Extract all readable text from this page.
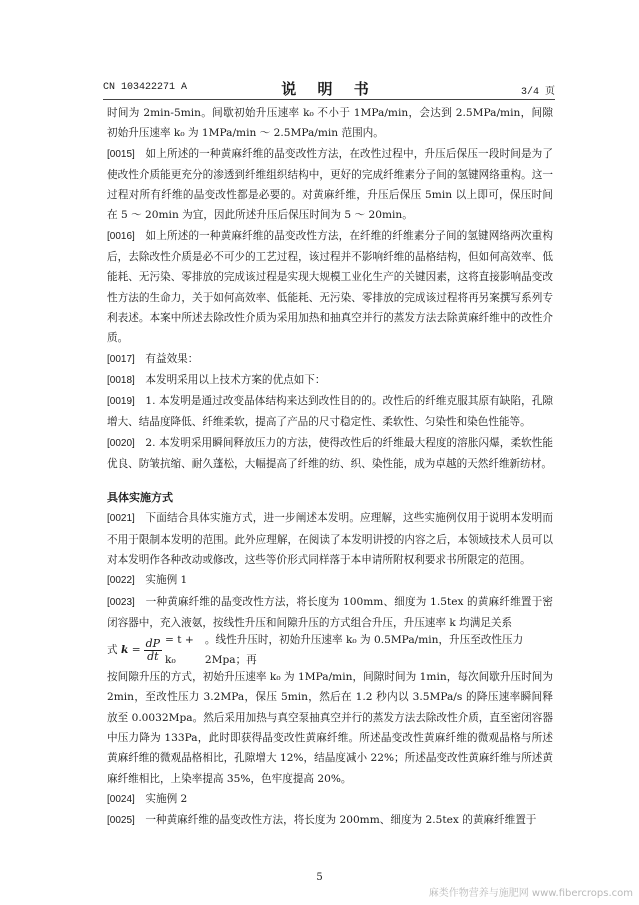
CN 103422271 A	说 明 书	3/4 页

时间为 2min-5min。间歇初始升压速率 k₀ 不小于 1MPa/min，会达到 2.5MPa/min，间隙初始升压速率 k₀ 为 1MPa/min ～ 2.5MPa/min 范围内。

[0015]  如上所述的一种黄麻纤维的晶变改性方法，在改性过程中，升压后保压一段时间是为了使改性介质能更充分的渗透到纤维组织结构中，更好的完成纤维素分子间的氢键网络重构。这一过程对所有纤维的晶变改性都是必要的。对黄麻纤维，升压后保压 5min 以上即可，保压时间在 5 ～ 20min 为宜，因此所述升压后保压时间为 5 ～ 20min。

[0016]  如上所述的一种黄麻纤维的晶变改性方法，在纤维的纤维素分子间的氢键网络两次重构后，去除改性介质是必不可少的工艺过程，该过程并不影响纤维的晶格结构，但如何高效率、低能耗、无污染、零排放的完成该过程是实现大规模工业化生产的关键因素，这将直接影响晶变改性方法的生命力，关于如何高效率、低能耗、无污染、零排放的完成该过程将再另案撰写系列专利表述。本案中所述去除改性介质为采用加热和抽真空并行的蒸发方法去除黄麻纤维中的改性介质。

[0017]  有益效果：

[0018]  本发明采用以上技术方案的优点如下：

[0019]  1. 本发明是通过改变晶体结构来达到改性目的的。改性后的纤维克服其原有缺陷，孔隙增大、结晶度降低、纤维柔软，提高了产品的尺寸稳定性、柔软性、匀染性和染色性能等。

[0020]  2. 本发明采用瞬间释放压力的方法，使得改性后的纤维最大程度的溶胀闪爆，柔软性能优良、防皱抗缩、耐久蓬松，大幅提高了纤维的纺、织、染性能，成为卓越的天然纤维新纺材。

具体实施方式

[0021]  下面结合具体实施方式，进一步阐述本发明。应理解，这些实施例仅用于说明本发明而不用于限制本发明的范围。此外应理解，在阅读了本发明讲授的内容之后，本领域技术人员可以对本发明作各种改动或修改，这些等价形式同样落于本申请所附权利要求书所限定的范围。

[0022]  实施例 1

[0023]  一种黄麻纤维的晶变改性方法，将长度为 100mm、细度为 1.5tex 的黄麻纤维置于密闭容器中，充入液氨，按线性升压和间隙升压的方式组合升压，升压速率 k 均满足关系

式
k
= $\frac{dP}{dt} = t + k_0$
。线性升压时，初始升压速率 k₀ 为 0.5MPa/min，升压至改性压力 2Mpa；再

按间隙升压的方式，初始升压速率 k₀ 为 1MPa/min，间隙时间为 1min，每次间歇升压时间为 2min，至改性压力 3.2MPa，保压 5min，然后在 1.2 秒内以 3.5MPa/s 的降压速率瞬间释放至 0.0032Mpa。然后采用加热与真空泵抽真空并行的蒸发方法去除改性介质，直至密闭容器中压力降为 133Pa，此时即获得晶变改性黄麻纤维。所述晶变改性黄麻纤维的微观晶格与所述黄麻纤维的微观晶格相比，孔隙增大 12%，结晶度减小 22%；所述晶变改性黄麻纤维与所述黄麻纤维相比，上染率提高 35%，色牢度提高 20%。

[0024]  实施例 2

[0025]  一种黄麻纤维的晶变改性方法，将长度为 200mm、细度为 2.5tex 的黄麻纤维置于

5
麻类作物营养与施肥网 www.fibercrops.com
